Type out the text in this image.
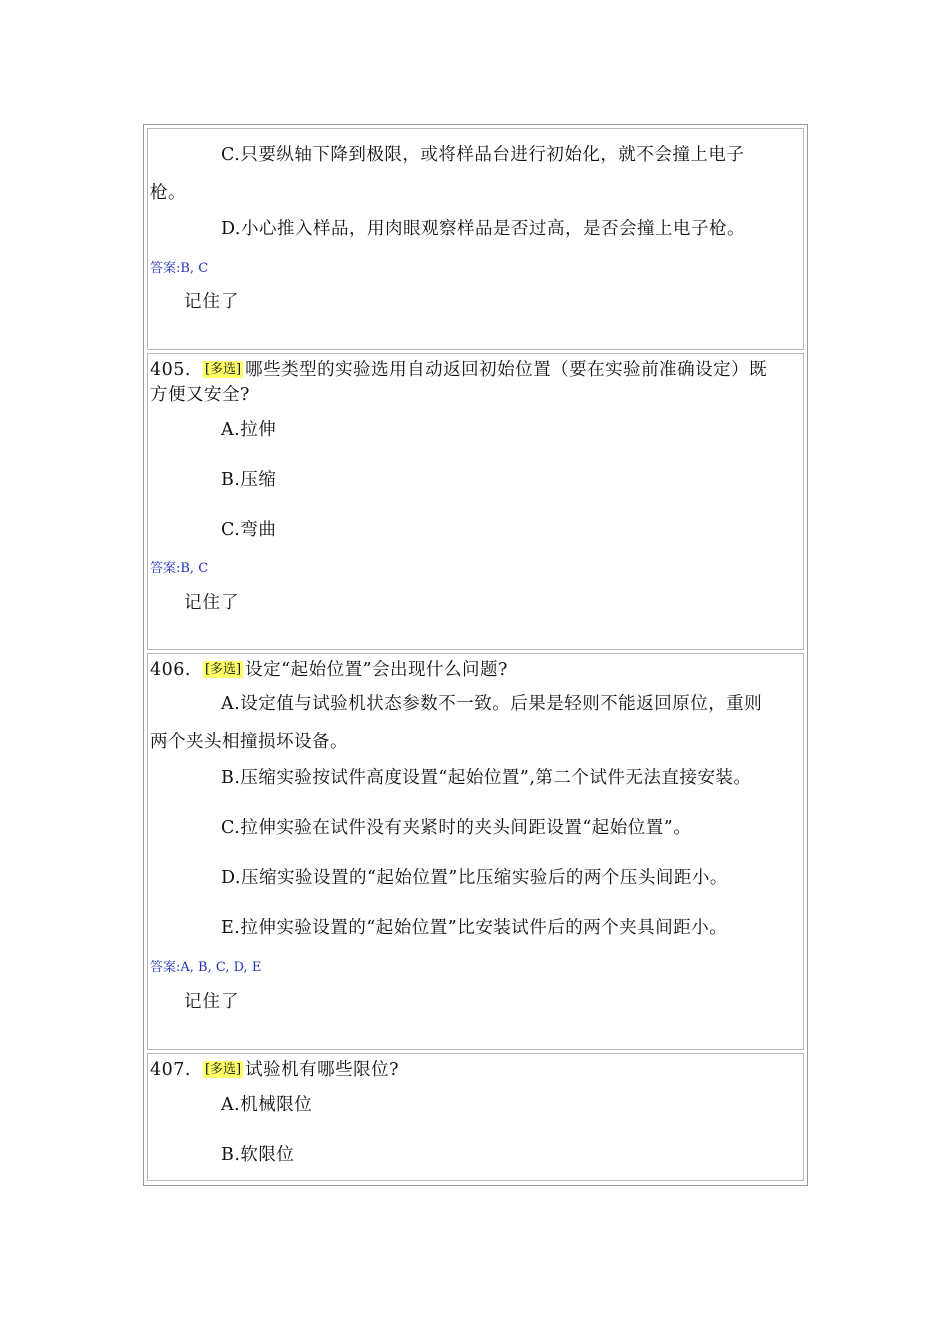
C.只要纵轴下降到极限，或将样品台进行初始化，就不会撞上电子
枪。
D.小心推入样品，用肉眼观察样品是否过高，是否会撞上电子枪。
答案:B, C
记住了
405. [多选] 哪些类型的实验选用自动返回初始位置（要在实验前准确设定）既
方便又安全?
A.拉伸
B.压缩
C.弯曲
答案:B, C
记住了
406. [多选] 设定“起始位置”会出现什么问题?
A.设定值与试验机状态参数不一致。后果是轻则不能返回原位，重则
两个夹头相撞损坏设备。
B.压缩实验按试件高度设置“起始位置”,第二个试件无法直接安装。
C.拉伸实验在试件没有夹紧时的夹头间距设置“起始位置”。
D.压缩实验设置的“起始位置”比压缩实验后的两个压头间距小。
E.拉伸实验设置的“起始位置”比安装试件后的两个夹具间距小。
答案:A, B, C, D, E
记住了
407. [多选] 试验机有哪些限位?
A.机械限位
B.软限位
